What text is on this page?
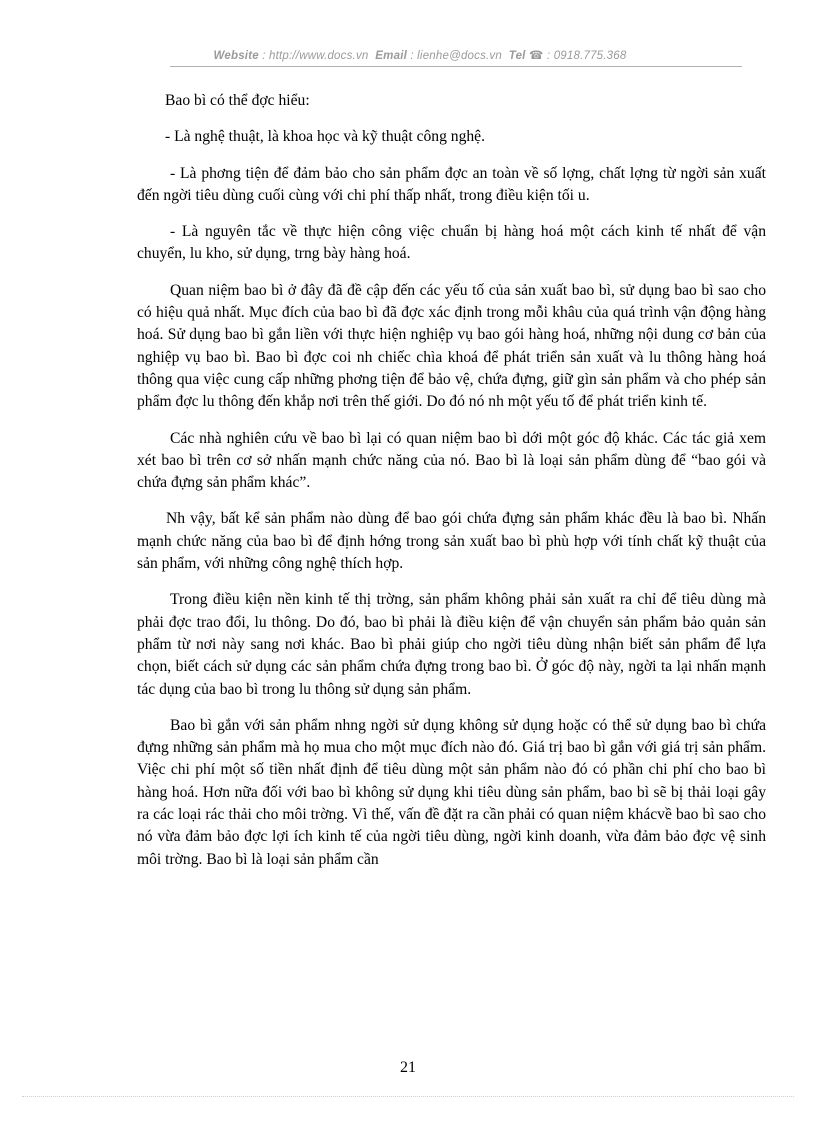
Website : http://www.docs.vn Email : lienhe@docs.vn Tel ☎ : 0918.775.368

Bao bì có thể đợc hiểu:

- Là nghệ thuật, là khoa học và kỹ thuật công nghệ.

- Là phơng tiện để đảm bảo cho sản phẩm đợc an toàn về số lợng, chất lợng từ ngời sản xuất đến ngời tiêu dùng cuối cùng với chi phí thấp nhất, trong điều kiện tối u.

- Là nguyên tắc về thực hiện công việc chuẩn bị hàng hoá một cách kinh tế nhất để vận chuyển, lu kho, sử dụng, trng bày hàng hoá.

Quan niệm bao bì ở đây đã đề cập đến các yếu tố của sản xuất bao bì, sử dụng bao bì sao cho có hiệu quả nhất. Mục đích của bao bì đã đợc xác định trong mỗi khâu của quá trình vận động hàng hoá. Sử dụng bao bì gắn liền với thực hiện nghiệp vụ bao gói hàng hoá, những nội dung cơ bản của nghiệp vụ bao bì. Bao bì đợc coi nh chiếc chìa khoá để phát triển sản xuất và lu thông hàng hoá thông qua việc cung cấp những phơng tiện để bảo vệ, chứa đựng, giữ gìn sản phẩm và cho phép sản phẩm đợc lu thông đến khắp nơi trên thế giới. Do đó nó nh một yếu tố để phát triển kinh tế.

Các nhà nghiên cứu về bao bì lại có quan niệm bao bì dới một góc độ khác. Các tác giả xem xét bao bì trên cơ sở nhấn mạnh chức năng của nó. Bao bì là loại sản phẩm dùng để “bao gói và chứa đựng sản phẩm khác”.

Nh vậy, bất kể sản phẩm nào dùng để bao gói chứa đựng sản phẩm khác đều là bao bì. Nhấn mạnh chức năng của bao bì để định hớng trong sản xuất bao bì phù hợp với tính chất kỹ thuật của sản phẩm, với những công nghệ thích hợp.

Trong điều kiện nền kinh tế thị trờng, sản phẩm không phải sản xuất ra chỉ để tiêu dùng mà phải đợc trao đổi, lu thông. Do đó, bao bì phải là điều kiện để vận chuyển sản phẩm bảo quản sản phẩm từ nơi này sang nơi khác. Bao bì phải giúp cho ngời tiêu dùng nhận biết sản phẩm để lựa chọn, biết cách sử dụng các sản phẩm chứa đựng trong bao bì. Ở góc độ này, ngời ta lại nhấn mạnh tác dụng của bao bì trong lu thông sử dụng sản phẩm.

Bao bì gắn với sản phẩm nhng ngời sử dụng không sử dụng hoặc có thể sử dụng bao bì chứa đựng những sản phẩm mà họ mua cho một mục đích nào đó. Giá trị bao bì gắn với giá trị sản phẩm. Việc chi phí một số tiền nhất định để tiêu dùng một sản phẩm nào đó có phần chi phí cho bao bì hàng hoá. Hơn nữa đối với bao bì không sử dụng khi tiêu dùng sản phẩm, bao bì sẽ bị thải loại gây ra các loại rác thải cho môi trờng. Vì thế, vấn đề đặt ra cần phải có quan niệm khácvề bao bì sao cho nó vừa đảm bảo đợc lợi ích kinh tế của ngời tiêu dùng, ngời kinh doanh, vừa đảm bảo đợc vệ sinh môi trờng. Bao bì là loại sản phẩm cần

21
